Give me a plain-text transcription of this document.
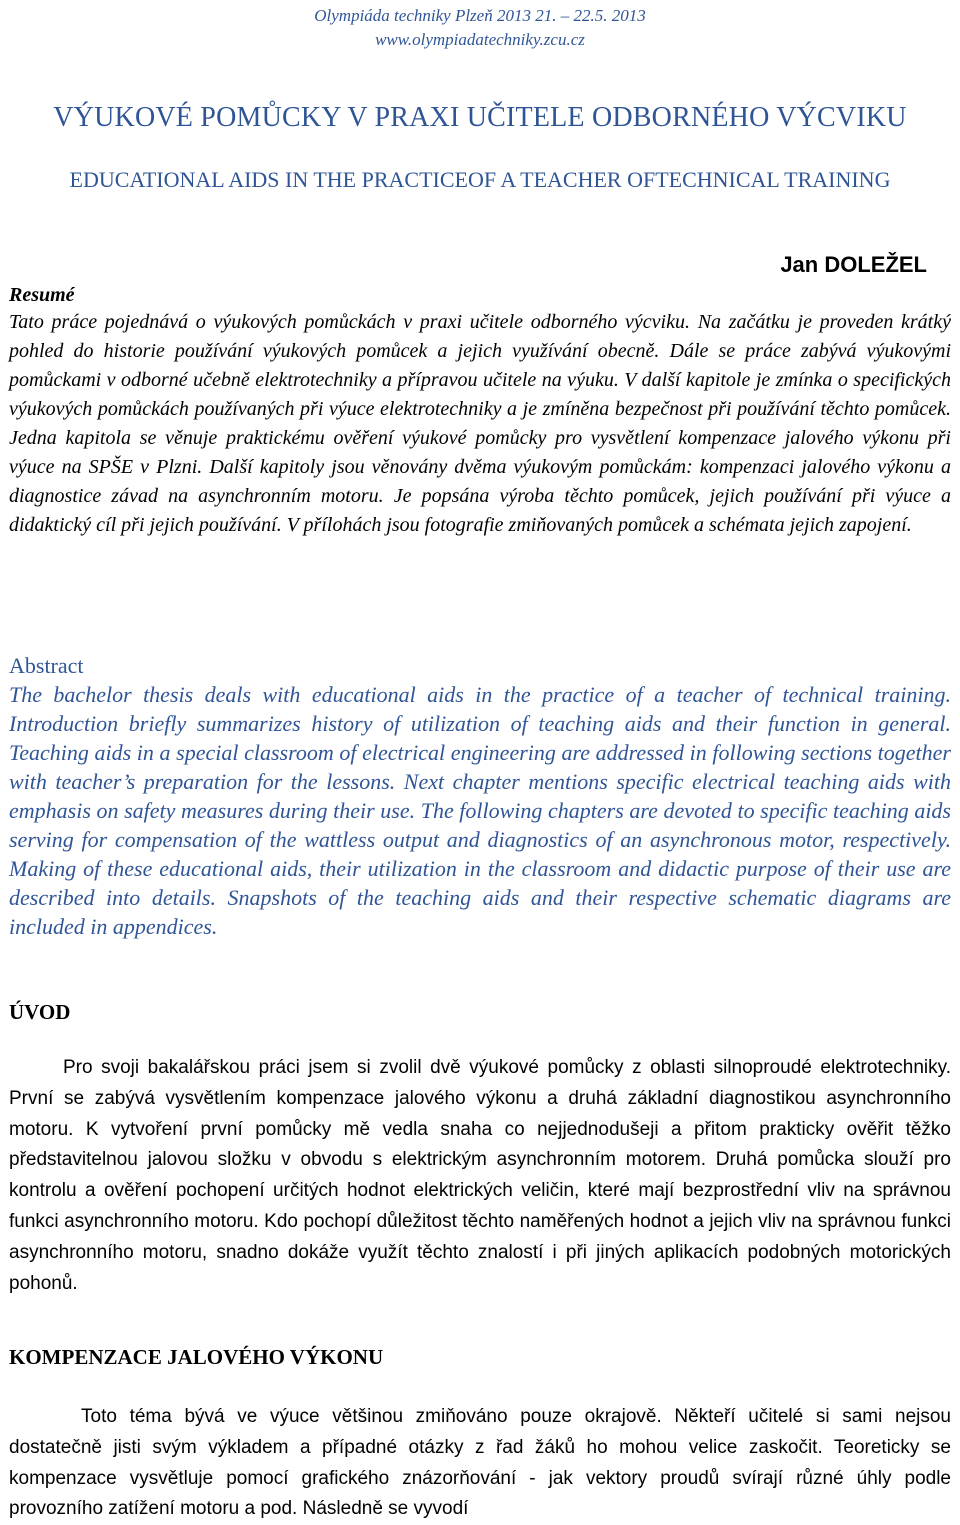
Olympiáda techniky Plzeň 2013 21. – 22.5. 2013
www.olympiadatechniky.zcu.cz
VÝUKOVÉ POMŮCKY V PRAXI UČITELE ODBORNÉHO VÝCVIKU
EDUCATIONAL AIDS IN THE PRACTICEOF A TEACHER OFTECHNICAL TRAINING
Jan DOLEŽEL
Resumé
Tato práce pojednává o výukových pomůckách v praxi učitele odborného výcviku. Na začátku je proveden krátký pohled do historie používání výukových pomůcek a jejich využívání obecně. Dále se práce zabývá výukovými pomůckami v odborné učebně elektrotechniky a přípravou učitele na výuku. V další kapitole je zmínka o specifických výukových pomůckách používaných při výuce elektrotechniky a je zmíněna bezpečnost při používání těchto pomůcek. Jedna kapitola se věnuje praktickému ověření výukové pomůcky pro vysvětlení kompenzace jalového výkonu při výuce na SPŠE v Plzni. Další kapitoly jsou věnovány dvěma výukovým pomůckám: kompenzaci jalového výkonu a diagnostice závad na asynchronním motoru. Je popsána výroba těchto pomůcek, jejich používání při výuce a didaktický cíl při jejich používání. V přílohách jsou fotografie zmiňovaných pomůcek a schémata jejich zapojení.
Abstract
The bachelor thesis deals with educational aids in the practice of a teacher of technical training. Introduction briefly summarizes history of utilization of teaching aids and their function in general. Teaching aids in a special classroom of electrical engineering are addressed in following sections together with teacher’s preparation for the lessons. Next chapter mentions specific electrical teaching aids with emphasis on safety measures during their use. The following chapters are devoted to specific teaching aids serving for compensation of the wattless output and diagnostics of an asynchronous motor, respectively. Making of these educational aids, their utilization in the classroom and didactic purpose of their use are described into details. Snapshots of the teaching aids and their respective schematic diagrams are included in appendices.
ÚVOD
Pro svoji bakalářskou práci jsem si zvolil dvě výukové pomůcky z oblasti silnoproudé elektrotechniky. První se zabývá vysvětlením kompenzace jalového výkonu a druhá základní diagnostikou asynchronního motoru. K vytvoření první pomůcky mě vedla snaha co nejjednodušeji a přitom prakticky ověřit těžko představitelnou jalovou složku v obvodu s elektrickým asynchronním motorem. Druhá pomůcka slouží pro kontrolu a ověření pochopení určitých hodnot elektrických veličin, které mají bezprostřední vliv na správnou funkci asynchronního motoru. Kdo pochopí důležitost těchto naměřených hodnot a jejich vliv na správnou funkci asynchronního motoru, snadno dokáže využít těchto znalostí i při jiných aplikacích podobných motorických pohonů.
KOMPENZACE JALOVÉHO VÝKONU
Toto téma bývá ve výuce většinou zmiňováno pouze okrajově. Někteří učitelé si sami nejsou dostatečně jisti svým výkladem a případné otázky z řad žáků ho mohou velice zaskočit. Teoreticky se kompenzace vysvětluje pomocí grafického znázorňování - jak vektory proudů svírají různé úhly podle provozního zatížení motoru a pod. Následně se vyvodí
